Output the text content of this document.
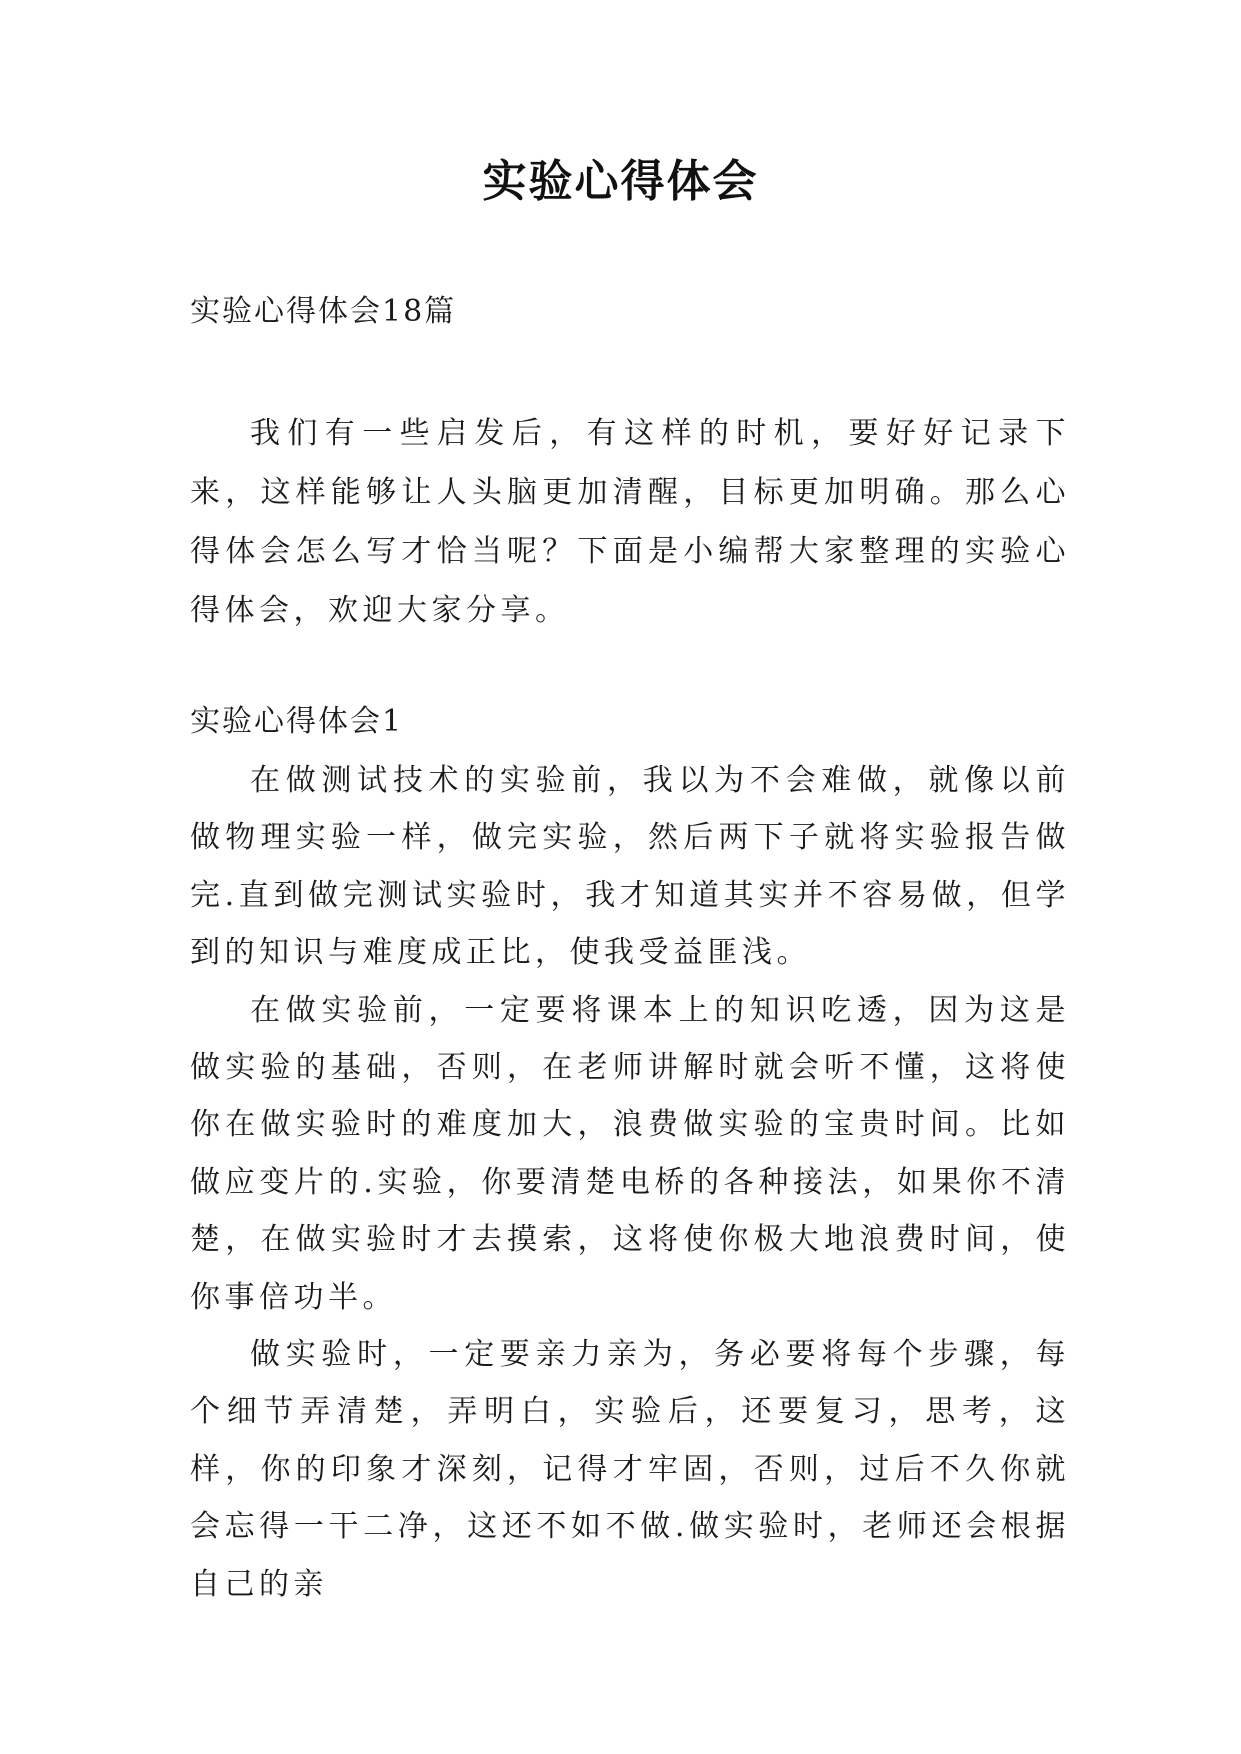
实验心得体会
实验心得体会18篇

我们有一些启发后，有这样的时机，要好好记录下来，这样能够让人头脑更加清醒，目标更加明确。那么心得体会怎么写才恰当呢？下面是小编帮大家整理的实验心得体会，欢迎大家分享。

实验心得体会1

在做测试技术的实验前，我以为不会难做，就像以前做物理实验一样，做完实验，然后两下子就将实验报告做完.直到做完测试实验时，我才知道其实并不容易做，但学到的知识与难度成正比，使我受益匪浅。

在做实验前，一定要将课本上的知识吃透，因为这是做实验的基础，否则，在老师讲解时就会听不懂，这将使你在做实验时的难度加大，浪费做实验的宝贵时间。比如做应变片的.实验，你要清楚电桥的各种接法，如果你不清楚，在做实验时才去摸索，这将使你极大地浪费时间，使你事倍功半。

做实验时，一定要亲力亲为，务必要将每个步骤，每个细节弄清楚，弄明白，实验后，还要复习，思考，这样，你的印象才深刻，记得才牢固，否则，过后不久你就会忘得一干二净，这还不如不做.做实验时，老师还会根据自己的亲
